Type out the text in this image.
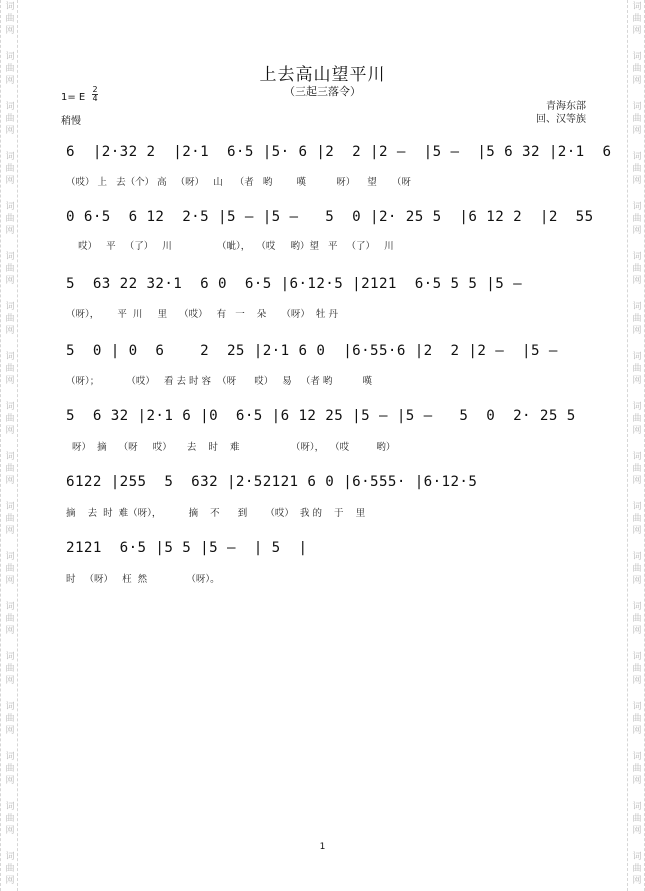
词
曲
网
词
曲
网
词
曲
网
词
曲
网
词
曲
网
词
曲
网
词
曲
网
词
曲
网
词
曲
网
词
曲
网
词
曲
网
词
曲
网
词
曲
网
词
曲
网
词
曲
网
词
曲
网
词
曲
网
词
曲
网
词
曲
网
词
曲
网
词
曲
网
词
曲
网
词
曲
网
词
曲
网
词
曲
网
词
曲
网
词
曲
网
词
曲
网
词
曲
网
词
曲
网
词
曲
网
词
曲
网
词
曲
网
词
曲
网
词
曲
网
词
曲
网
上去高山望平川
（三起三落令）
1= E
2
4
稍慢
青海东部
回、汉等族
6  |2·32 2  |2·1  6·5 |5· 6 |2  2 |2 –  |5 –  |5 6 32 |2·1  6
（哎） 上   去（个） 高   （呀）   山    （者   哟        嘆          呀）    望     （呀
0 6·5  6 12  2·5 |5 – |5 –   5  0 |2· 25 5  |6 12 2  |2  55
哎）   平   （了）   川               （呲），  （哎     哟）望   平   （了）   川
5  63 22 32·1  6 0  6·5 |6·12·5 |2121  6·5 5 5 |5 –
（呀），      平  川     里    （哎）   有   一    朵     （呀）  牡 丹
5  0 | 0  6    2  25 |2·1 6 0  |6·55·6 |2  2 |2 –  |5 –
（呀）；         （哎）   看 去 时 容  （呀      哎）   易   （者 哟          嘆
5  6 32 |2·1 6 |0  6·5 |6 12 25 |5 – |5 –   5  0  2· 25 5
呀）  摘    （呀     哎）     去    时    难                 （呀），  （哎         哟）
6122 |255  5  632 |2·52121 6 0 |6·555· |6·12·5
摘    去  时  难（呀），         摘    不      到      （哎）  我 的    于    里
2121  6·5 |5 5 |5 –  | 5  |
时   （呀）   枉  然             （呀）。
1
